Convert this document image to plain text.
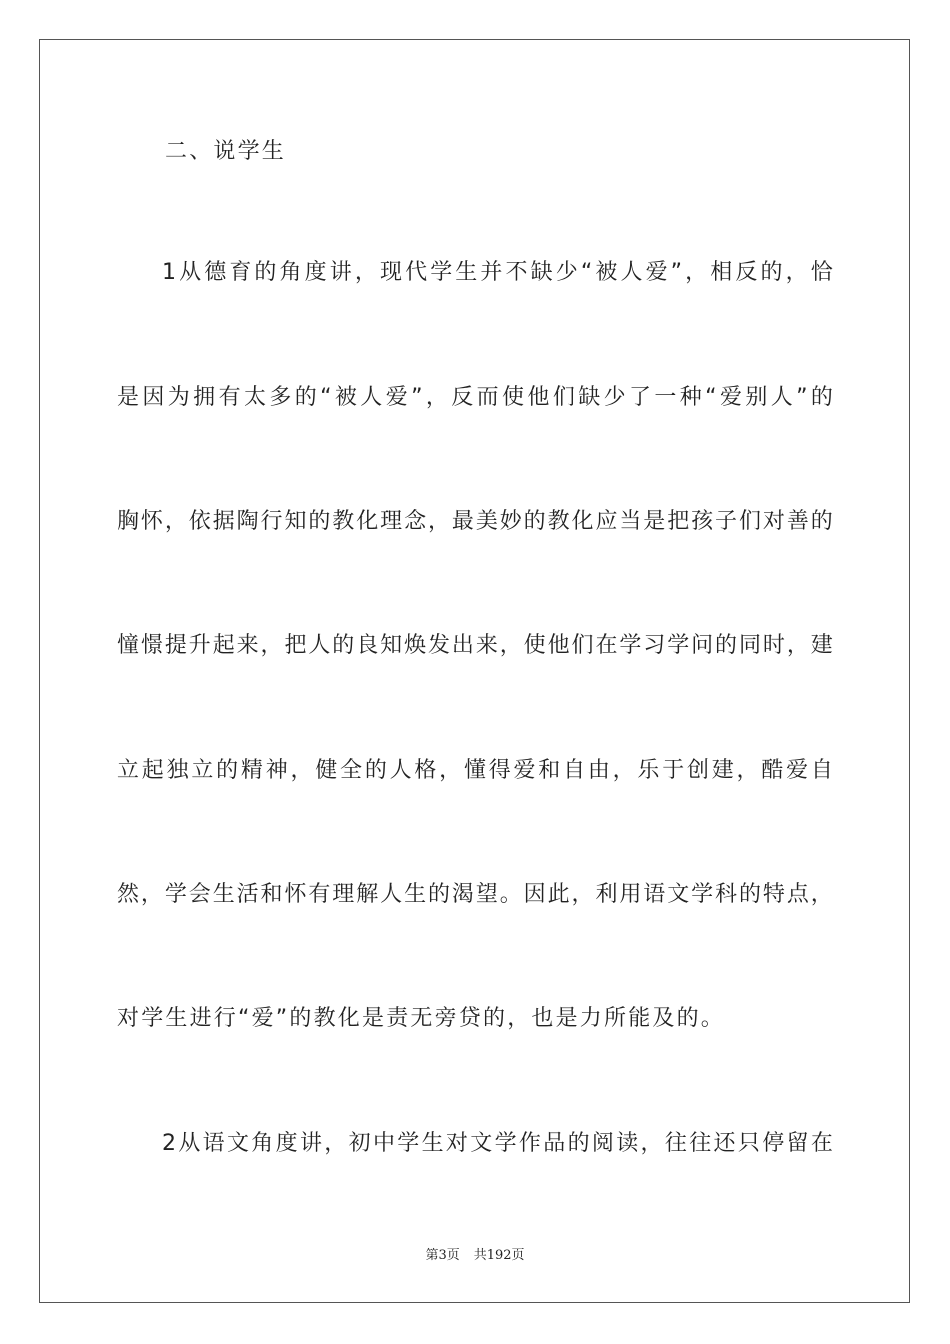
二、说学生
1 从 德 育 的 角 度 讲 ， 现 代 学 生 并 不 缺 少 “ 被 人 爱 ” ， 相 反 的 ， 恰
是 因 为 拥 有 太 多 的 “ 被 人 爱 ” ， 反 而 使 他 们 缺 少 了 一 种 “ 爱 别 人 ” 的
胸 怀 ， 依 据 陶 行 知 的 教 化 理 念 ， 最 美 妙 的 教 化 应 当 是 把 孩 子 们 对 善 的
憧 憬 提 升 起 来 ， 把 人 的 良 知 焕 发 出 来 ， 使 他 们 在 学 习 学 问 的 同 时 ， 建
立 起 独 立 的 精 神 ， 健 全 的 人 格 ， 懂 得 爱 和 自 由 ， 乐 于 创 建 ， 酷 爱 自
然 ， 学 会 生 活 和 怀 有 理 解 人 生 的 渴 望 。 因 此 ， 利 用 语 文 学 科 的 特 点 ，
对学生进行“爱”的教化是责无旁贷的，也是力所能及的。
2 从 语 文 角 度 讲 ， 初 中 学 生 对 文 学 作 品 的 阅 读 ， 往 往 还 只 停 留 在
第3页 共192页
